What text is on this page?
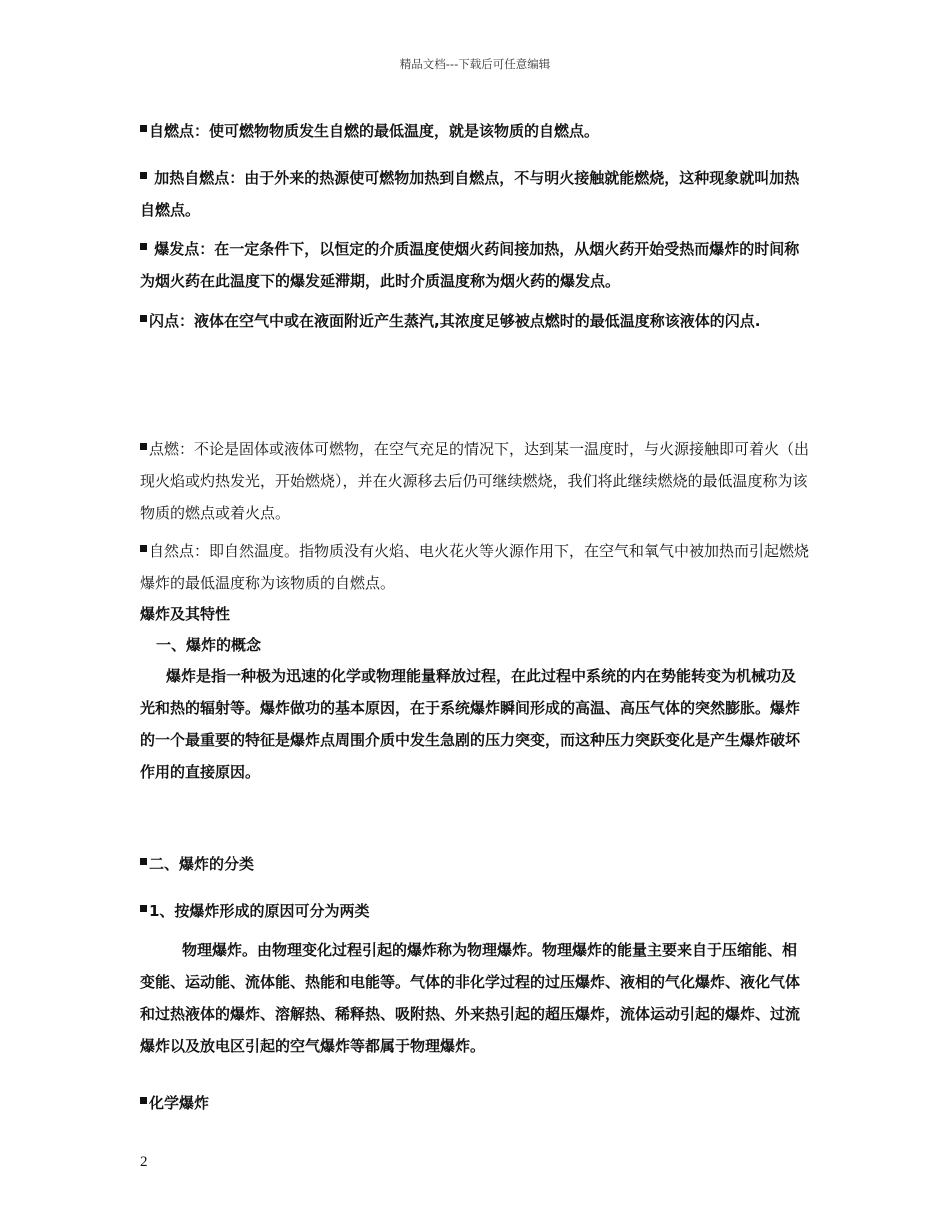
精品文档---下载后可任意编辑

自燃点：使可燃物物质发生自燃的最低温度，就是该物质的自燃点。

加热自燃点：由于外来的热源使可燃物加热到自燃点，不与明火接触就能燃烧，这种现象就叫加热自燃点。

爆发点：在一定条件下，以恒定的介质温度使烟火药间接加热，从烟火药开始受热而爆炸的时间称为烟火药在此温度下的爆发延滞期，此时介质温度称为烟火药的爆发点。

闪点：液体在空气中或在液面附近产生蒸汽,其浓度足够被点燃时的最低温度称该液体的闪点.

点燃：不论是固体或液体可燃物，在空气充足的情况下，达到某一温度时，与火源接触即可着火（出现火焰或灼热发光，开始燃烧），并在火源移去后仍可继续燃烧，我们将此继续燃烧的最低温度称为该物质的燃点或着火点。

自然点：即自然温度。指物质没有火焰、电火花火等火源作用下，在空气和氧气中被加热而引起燃烧爆炸的最低温度称为该物质的自燃点。

爆炸及其特性

一、爆炸的概念

爆炸是指一种极为迅速的化学或物理能量释放过程，在此过程中系统的内在势能转变为机械功及光和热的辐射等。爆炸做功的基本原因，在于系统爆炸瞬间形成的高温、高压气体的突然膨胀。爆炸的一个最重要的特征是爆炸点周围介质中发生急剧的压力突变，而这种压力突跃变化是产生爆炸破坏作用的直接原因。

二、爆炸的分类

1、按爆炸形成的原因可分为两类

物理爆炸。由物理变化过程引起的爆炸称为物理爆炸。物理爆炸的能量主要来自于压缩能、相变能、运动能、流体能、热能和电能等。气体的非化学过程的过压爆炸、液相的气化爆炸、液化气体和过热液体的爆炸、溶解热、稀释热、吸附热、外来热引起的超压爆炸，流体运动引起的爆炸、过流爆炸以及放电区引起的空气爆炸等都属于物理爆炸。

化学爆炸

2
